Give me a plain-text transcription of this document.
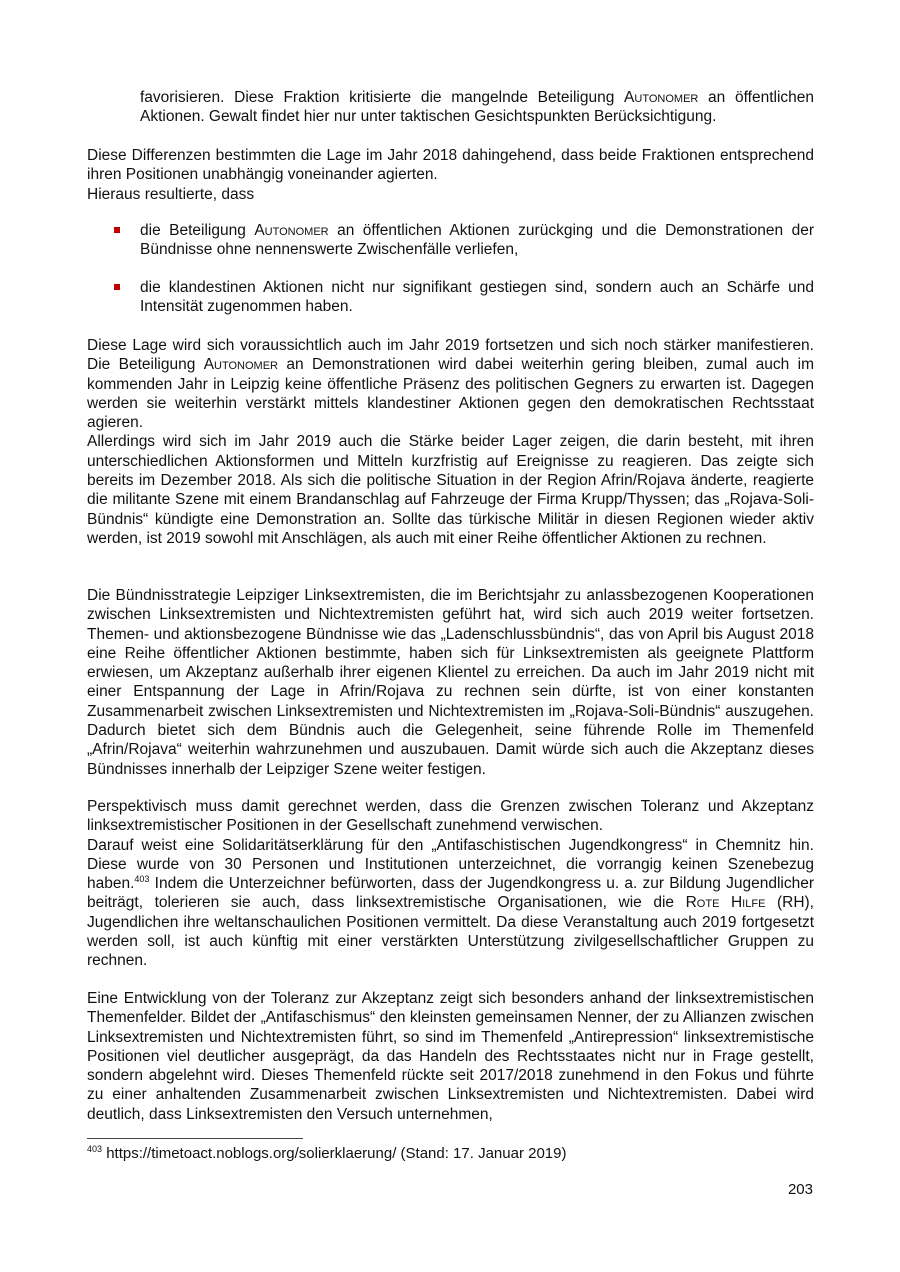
favorisieren. Diese Fraktion kritisierte die mangelnde Beteiligung Autonomer an öffentlichen Aktionen. Gewalt findet hier nur unter taktischen Gesichtspunkten Berücksichtigung.

Diese Differenzen bestimmten die Lage im Jahr 2018 dahingehend, dass beide Fraktionen entsprechend ihren Positionen unabhängig voneinander agierten.
Hieraus resultierte, dass

die Beteiligung Autonomer an öffentlichen Aktionen zurückging und die Demonstrationen der Bündnisse ohne nennenswerte Zwischenfälle verliefen,
die klandestinen Aktionen nicht nur signifikant gestiegen sind, sondern auch an Schärfe und Intensität zugenommen haben.

Diese Lage wird sich voraussichtlich auch im Jahr 2019 fortsetzen und sich noch stärker manifestieren. Die Beteiligung Autonomer an Demonstrationen wird dabei weiterhin gering bleiben, zumal auch im kommenden Jahr in Leipzig keine öffentliche Präsenz des politischen Gegners zu erwarten ist. Dagegen werden sie weiterhin verstärkt mittels klandestiner Aktionen gegen den demokratischen Rechtsstaat agieren.
Allerdings wird sich im Jahr 2019 auch die Stärke beider Lager zeigen, die darin besteht, mit ihren unterschiedlichen Aktionsformen und Mitteln kurzfristig auf Ereignisse zu reagieren. Das zeigte sich bereits im Dezember 2018. Als sich die politische Situation in der Region Afrin/Rojava änderte, reagierte die militante Szene mit einem Brandanschlag auf Fahrzeuge der Firma Krupp/Thyssen; das „Rojava-Soli-Bündnis“ kündigte eine Demonstration an. Sollte das türkische Militär in diesen Regionen wieder aktiv werden, ist 2019 sowohl mit Anschlägen, als auch mit einer Reihe öffentlicher Aktionen zu rechnen.

Die Bündnisstrategie Leipziger Linksextremisten, die im Berichtsjahr zu anlassbezogenen Kooperationen zwischen Linksextremisten und Nichtextremisten geführt hat, wird sich auch 2019 weiter fortsetzen. Themen- und aktionsbezogene Bündnisse wie das „Ladenschlussbündnis“, das von April bis August 2018 eine Reihe öffentlicher Aktionen bestimmte, haben sich für Linksextremisten als geeignete Plattform erwiesen, um Akzeptanz außerhalb ihrer eigenen Klientel zu erreichen. Da auch im Jahr 2019 nicht mit einer Entspannung der Lage in Afrin/Rojava zu rechnen sein dürfte, ist von einer konstanten Zusammenarbeit zwischen Linksextremisten und Nichtextremisten im „Rojava-Soli-Bündnis“ auszugehen. Dadurch bietet sich dem Bündnis auch die Gelegenheit, seine führende Rolle im Themenfeld „Afrin/Rojava“ weiterhin wahrzunehmen und auszubauen. Damit würde sich auch die Akzeptanz dieses Bündnisses innerhalb der Leipziger Szene weiter festigen.

Perspektivisch muss damit gerechnet werden, dass die Grenzen zwischen Toleranz und Akzeptanz linksextremistischer Positionen in der Gesellschaft zunehmend verwischen.
Darauf weist eine Solidaritätserklärung für den „Antifaschistischen Jugendkongress“ in Chemnitz hin. Diese wurde von 30 Personen und Institutionen unterzeichnet, die vorrangig keinen Szenebezug haben.$^{403}$ Indem die Unterzeichner befürworten, dass der Jugendkongress u. a. zur Bildung Jugendlicher beiträgt, tolerieren sie auch, dass linksextremistische Organisationen, wie die Rote Hilfe (RH), Jugendlichen ihre weltanschaulichen Positionen vermittelt. Da diese Veranstaltung auch 2019 fortgesetzt werden soll, ist auch künftig mit einer verstärkten Unterstützung zivilgesellschaftlicher Gruppen zu rechnen.

Eine Entwicklung von der Toleranz zur Akzeptanz zeigt sich besonders anhand der linksextremistischen Themenfelder. Bildet der „Antifaschismus“ den kleinsten gemeinsamen Nenner, der zu Allianzen zwischen Linksextremisten und Nichtextremisten führt, so sind im Themenfeld „Antirepression“ linksextremistische Positionen viel deutlicher ausgeprägt, da das Handeln des Rechtsstaates nicht nur in Frage gestellt, sondern abgelehnt wird. Dieses Themenfeld rückte seit 2017/2018 zunehmend in den Fokus und führte zu einer anhaltenden Zusammenarbeit zwischen Linksextremisten und Nichtextremisten. Dabei wird deutlich, dass Linksextremisten den Versuch unternehmen,

$^{403}$ https://timetoact.noblogs.org/solierklaerung/ (Stand: 17. Januar 2019)
203
